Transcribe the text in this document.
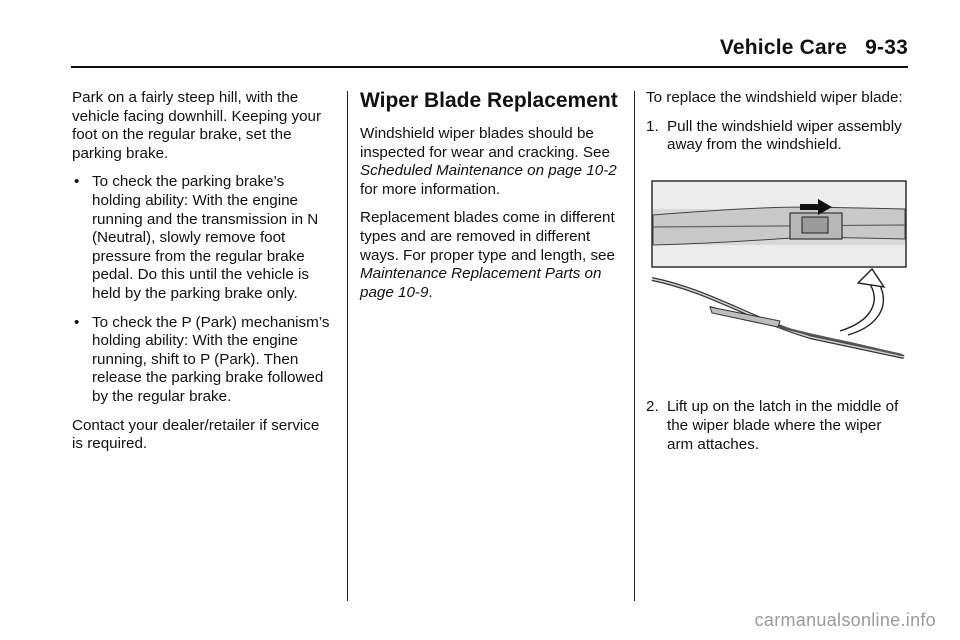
Vehicle Care 9-33

Park on a fairly steep hill, with the vehicle facing downhill. Keeping your foot on the regular brake, set the parking brake.

• To check the parking brake’s holding ability: With the engine running and the transmission in N (Neutral), slowly remove foot pressure from the regular brake pedal. Do this until the vehicle is held by the parking brake only.
• To check the P (Park) mechanism’s holding ability: With the engine running, shift to P (Park). Then release the parking brake followed by the regular brake.

Contact your dealer/retailer if service is required.

Wiper Blade Replacement

Windshield wiper blades should be inspected for wear and cracking. See Scheduled Maintenance on page 10-2 for more information.

Replacement blades come in different types and are removed in different ways. For proper type and length, see Maintenance Replacement Parts on page 10-9.

To replace the windshield wiper blade:

1. Pull the windshield wiper assembly away from the windshield.
2. Lift up on the latch in the middle of the wiper blade where the wiper arm attaches.
carmanualsonline.info
